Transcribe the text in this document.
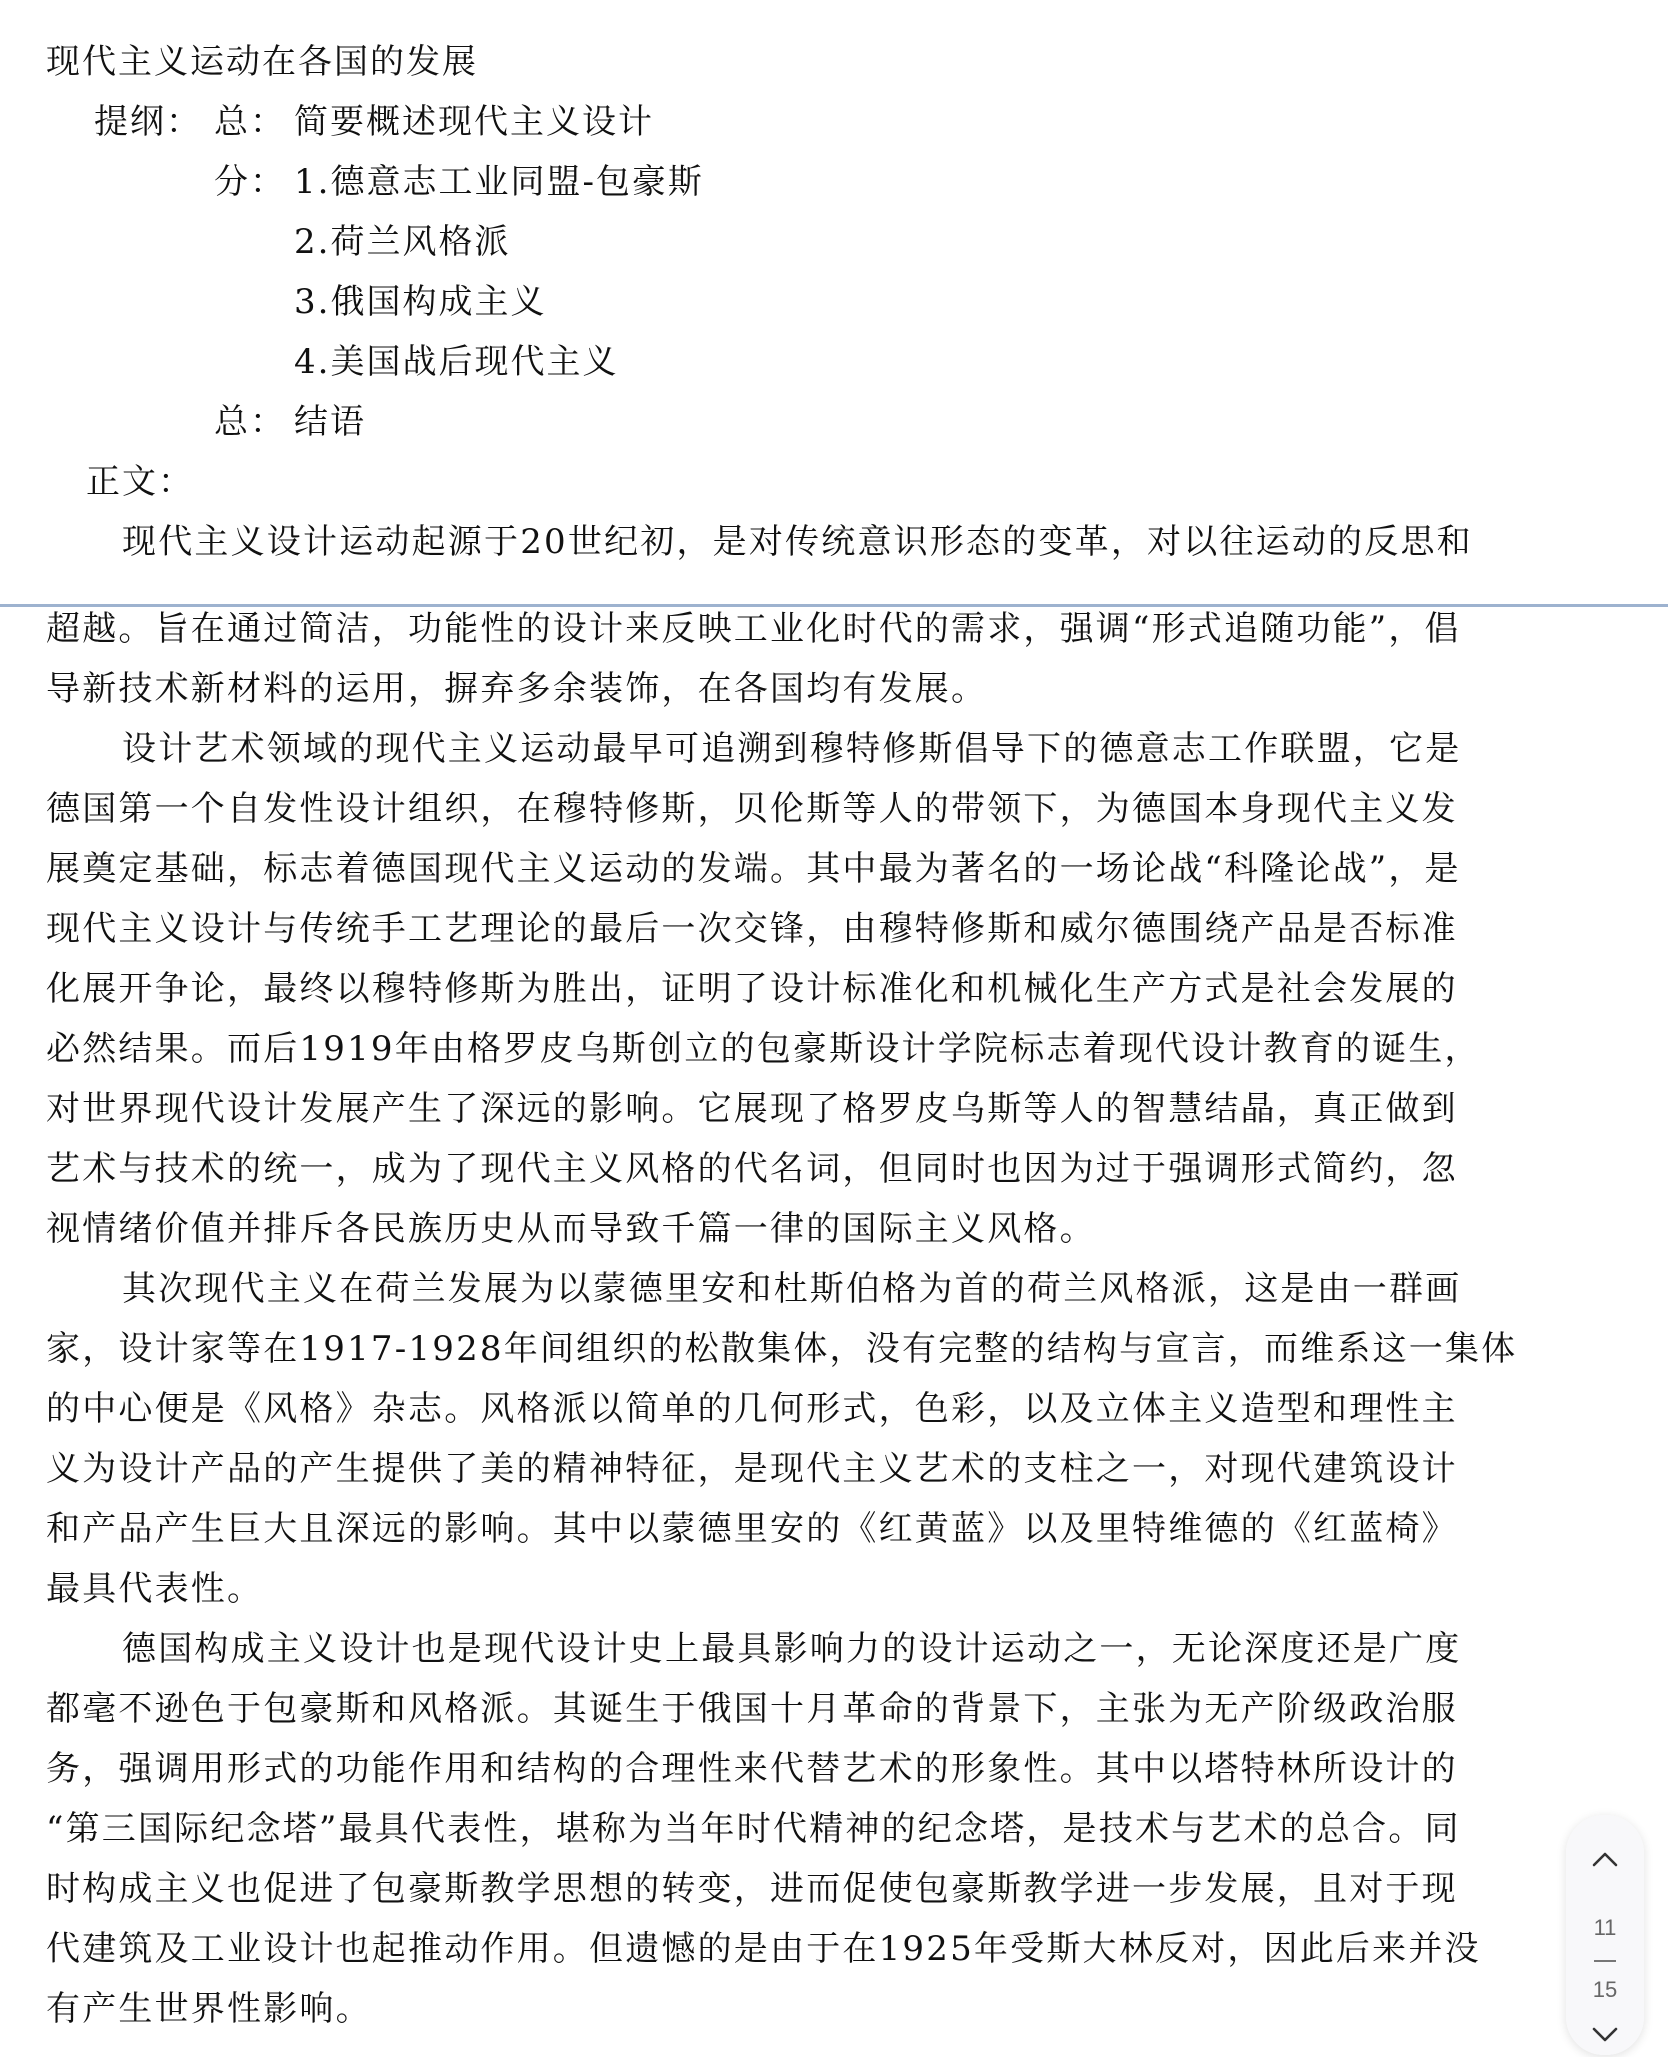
现代主义运动在各国的发展
提纲： 总： 简要概述现代主义设计
分： 1.德意志工业同盟-包豪斯
2.荷兰风格派
3.俄国构成主义
4.美国战后现代主义
总： 结语
正文：
现代主义设计运动起源于20世纪初，是对传统意识形态的变革，对以往运动的反思和
超越。旨在通过简洁，功能性的设计来反映工业化时代的需求，强调“形式追随功能”，倡
导新技术新材料的运用，摒弃多余装饰，在各国均有发展。
设计艺术领域的现代主义运动最早可追溯到穆特修斯倡导下的德意志工作联盟，它是
德国第一个自发性设计组织，在穆特修斯，贝伦斯等人的带领下，为德国本身现代主义发
展奠定基础，标志着德国现代主义运动的发端。其中最为著名的一场论战“科隆论战”，是
现代主义设计与传统手工艺理论的最后一次交锋，由穆特修斯和威尔德围绕产品是否标准
化展开争论，最终以穆特修斯为胜出，证明了设计标准化和机械化生产方式是社会发展的
必然结果。而后1919年由格罗皮乌斯创立的包豪斯设计学院标志着现代设计教育的诞生，
对世界现代设计发展产生了深远的影响。它展现了格罗皮乌斯等人的智慧结晶，真正做到
艺术与技术的统一，成为了现代主义风格的代名词，但同时也因为过于强调形式简约，忽
视情绪价值并排斥各民族历史从而导致千篇一律的国际主义风格。
其次现代主义在荷兰发展为以蒙德里安和杜斯伯格为首的荷兰风格派，这是由一群画
家，设计家等在1917-1928年间组织的松散集体，没有完整的结构与宣言，而维系这一集体
的中心便是《风格》杂志。风格派以简单的几何形式，色彩，以及立体主义造型和理性主
义为设计产品的产生提供了美的精神特征，是现代主义艺术的支柱之一，对现代建筑设计
和产品产生巨大且深远的影响。其中以蒙德里安的《红黄蓝》以及里特维德的《红蓝椅》
最具代表性。
德国构成主义设计也是现代设计史上最具影响力的设计运动之一，无论深度还是广度
都毫不逊色于包豪斯和风格派。其诞生于俄国十月革命的背景下，主张为无产阶级政治服
务，强调用形式的功能作用和结构的合理性来代替艺术的形象性。其中以塔特林所设计的
“第三国际纪念塔”最具代表性，堪称为当年时代精神的纪念塔，是技术与艺术的总合。同
时构成主义也促进了包豪斯教学思想的转变，进而促使包豪斯教学进一步发展，且对于现
代建筑及工业设计也起推动作用。但遗憾的是由于在1925年受斯大林反对，因此后来并没
有产生世界性影响。
11
15
